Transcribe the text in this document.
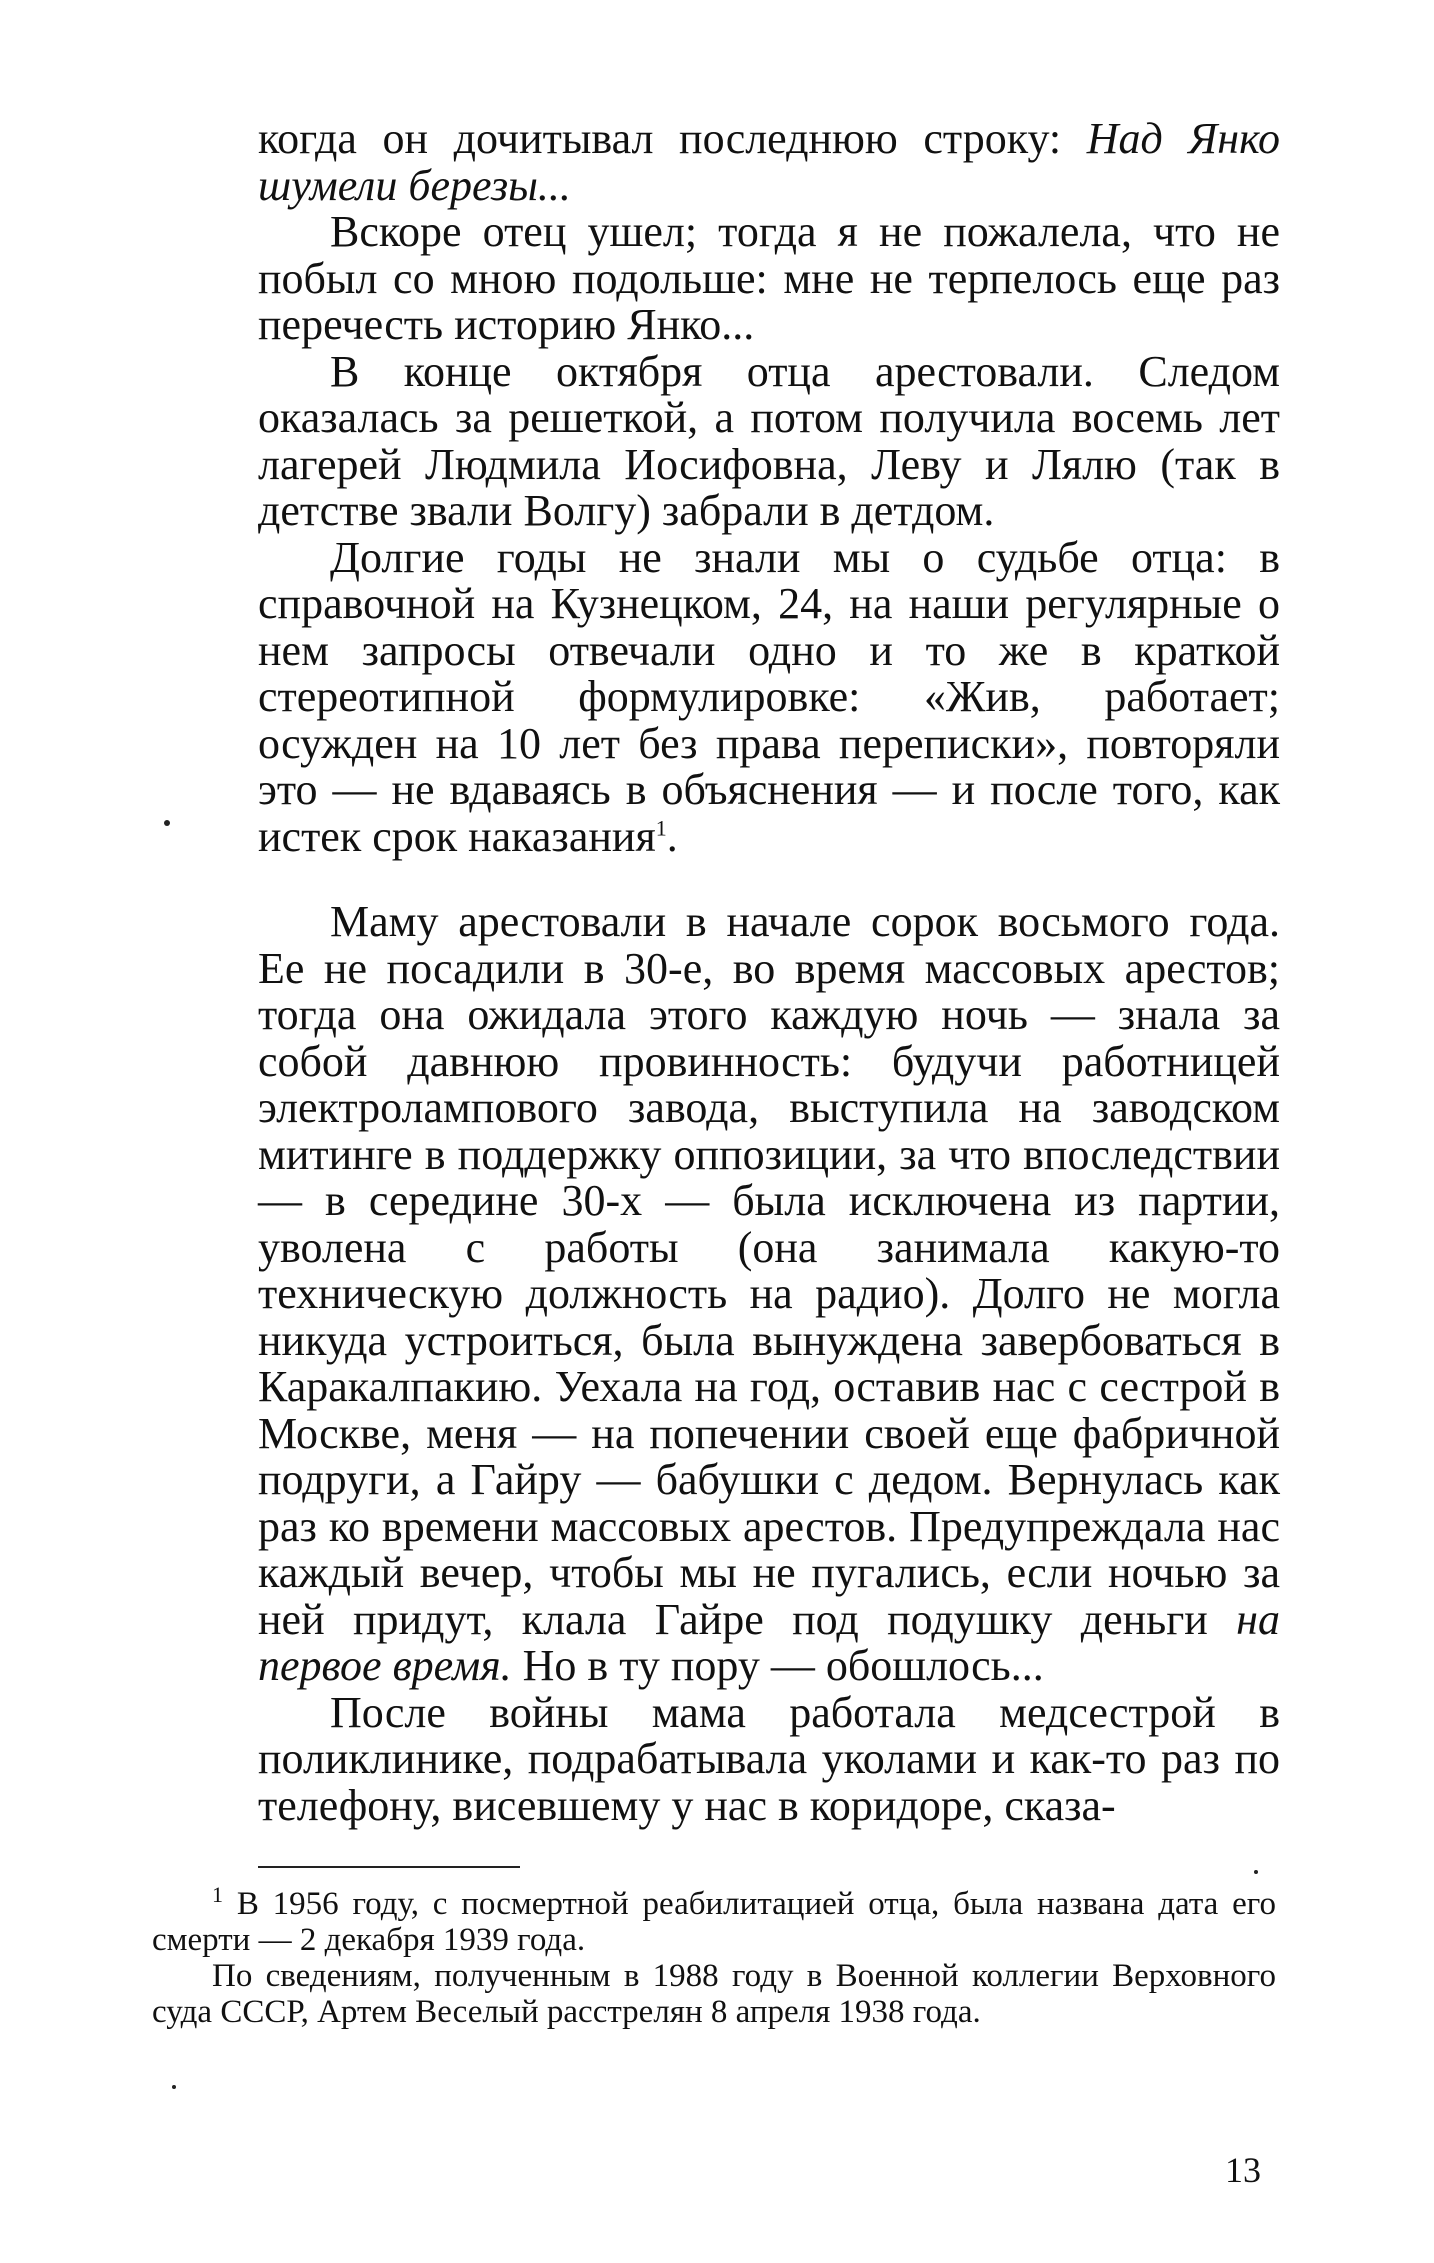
когда он дочитывал последнюю строку: Над Янко шумели березы...

Вскоре отец ушел; тогда я не пожалела, что не побыл со мною подольше: мне не терпелось еще раз перечесть историю Янко...

В конце октября отца арестовали. Следом оказалась за решеткой, а потом получила восемь лет лагерей Людмила Иосифовна, Леву и Лялю (так в детстве звали Волгу) забрали в детдом.

Долгие годы не знали мы о судьбе отца: в справочной на Кузнецком, 24, на наши регулярные о нем запросы отвечали одно и то же в краткой стереотипной формулировке: «Жив, работает; осужден на 10 лет без права переписки», повторяли это — не вдаваясь в объяснения — и после того, как истек срок наказания$^1$.

Маму арестовали в начале сорок восьмого года. Ее не посадили в 30-е, во время массовых арестов; тогда она ожидала этого каждую ночь — знала за собой давнюю провинность: будучи работницей электролампового завода, выступила на заводском митинге в поддержку оппозиции, за что впоследствии — в середине 30-х — была исключена из партии, уволена с работы (она занимала какую-то техническую должность на радио). Долго не могла никуда устроиться, была вынуждена завербоваться в Каракалпакию. Уехала на год, оставив нас с сестрой в Москве, меня — на попечении своей еще фабричной подруги, а Гайру — бабушки с дедом. Вернулась как раз ко времени массовых арестов. Предупреждала нас каждый вечер, чтобы мы не пугались, если ночью за ней придут, клала Гайре под подушку деньги на первое время. Но в ту пору — обошлось...

После войны мама работала медсестрой в поликлинике, подрабатывала уколами и как-то раз по телефону, висевшему у нас в коридоре, сказа-

$^1$ В 1956 году, с посмертной реабилитацией отца, была названа дата его смерти — 2 декабря 1939 года.

По сведениям, полученным в 1988 году в Военной коллегии Верховного суда СССР, Артем Веселый расстрелян 8 апреля 1938 года.

13
